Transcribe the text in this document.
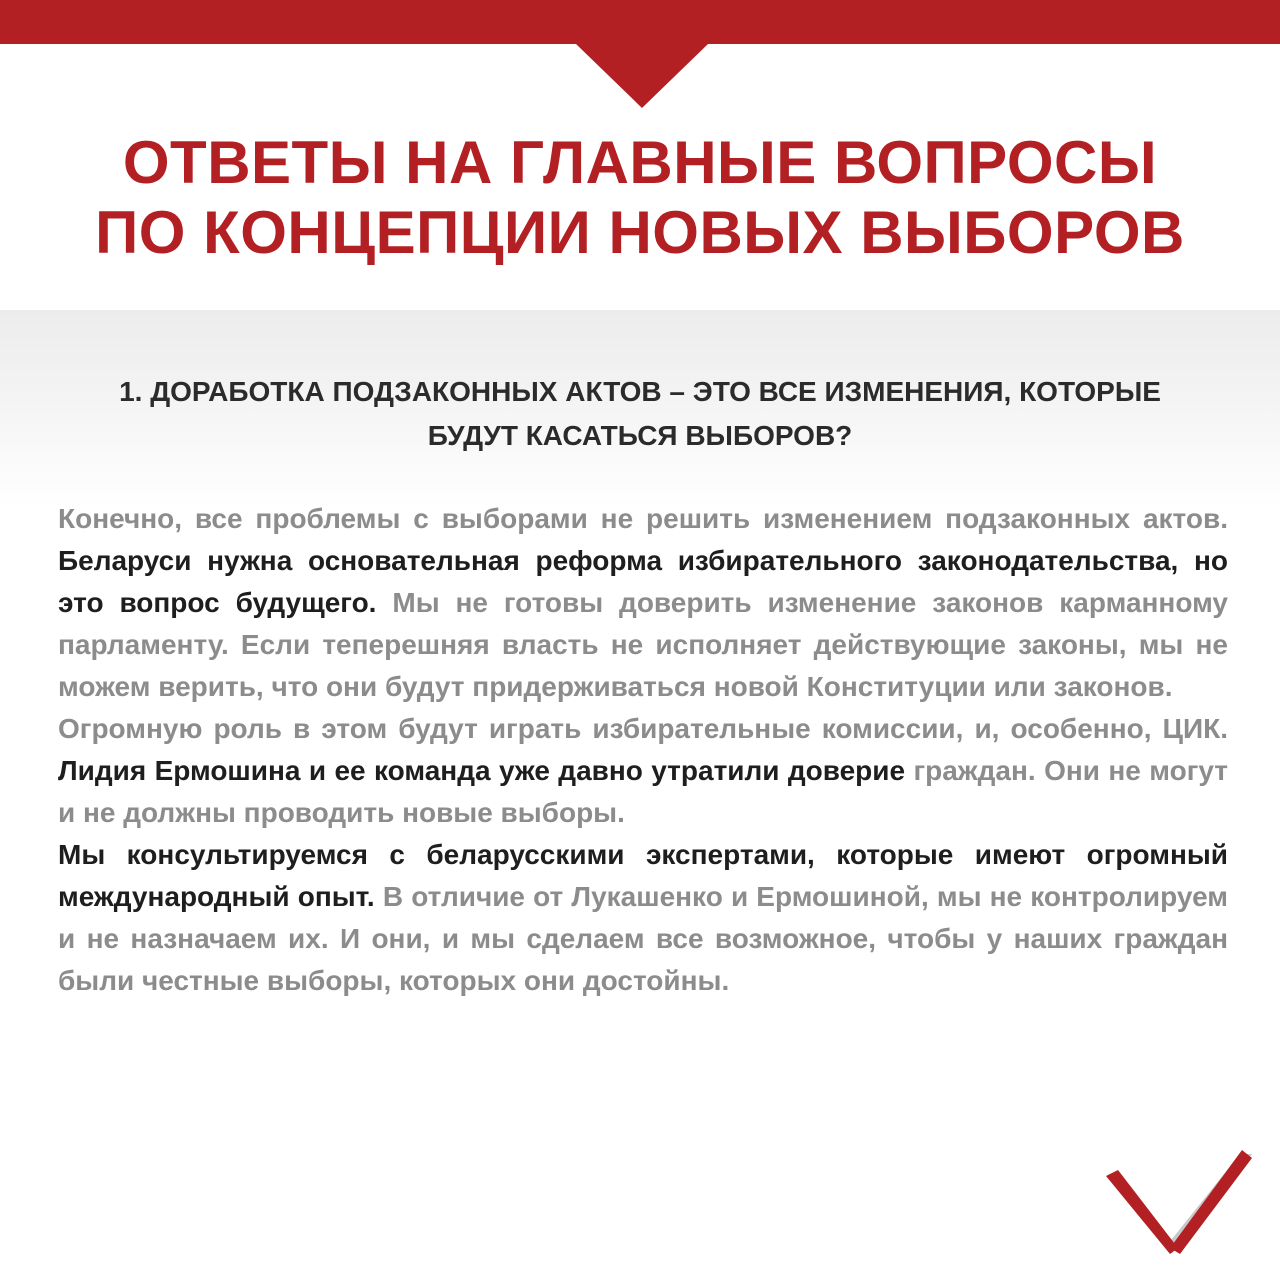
ОТВЕТЫ НА ГЛАВНЫЕ ВОПРОСЫ
ПО КОНЦЕПЦИИ НОВЫХ ВЫБОРОВ
1. ДОРАБОТКА ПОДЗАКОННЫХ АКТОВ – ЭТО ВСЕ ИЗМЕНЕНИЯ, КОТОРЫЕ
БУДУТ КАСАТЬСЯ ВЫБОРОВ?

Конечно, все проблемы с выборами не решить изменением подзаконных актов. Беларуси нужна основательная реформа избирательного законодательства, но это вопрос будущего. Мы не готовы доверить изменение законов карманному парламенту. Если теперешняя власть не исполняет действующие законы, мы не можем верить, что они будут придерживаться новой Конституции или законов.

Огромную роль в этом будут играть избирательные комиссии, и, особенно, ЦИК. Лидия Ермошина и ее команда уже давно утратили доверие граждан. Они не могут и не должны проводить новые выборы.

Мы консультируемся с беларусскими экспертами, которые имеют огромный международный опыт. В отличие от Лукашенко и Ермошиной, мы не контролируем и не назначаем их. И они, и мы сделаем все возможное, чтобы у наших граждан были честные выборы, которых они достойны.
